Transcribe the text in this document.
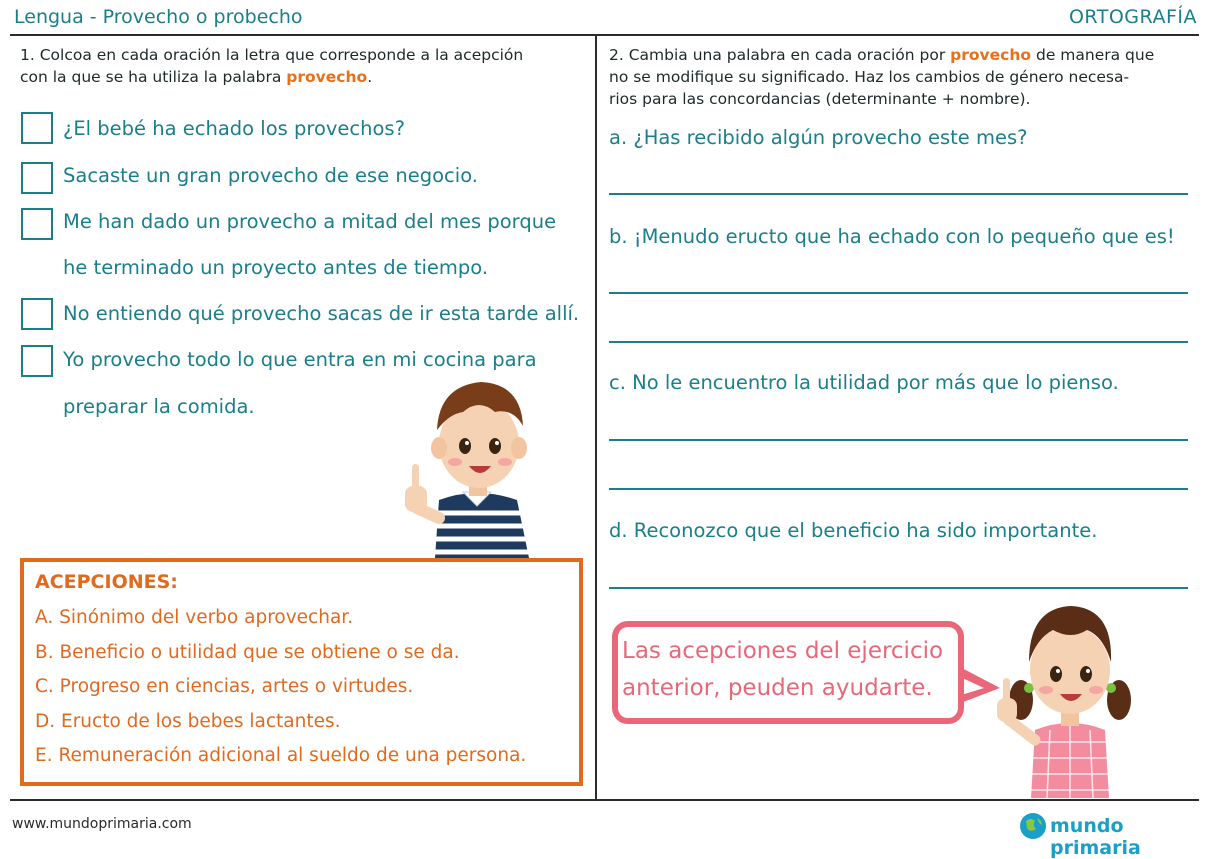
Lengua - Provecho o probecho	ORTOGRAFÍA
1. Colcoa en cada oración la letra que corresponde a la acepción
con la que se ha utiliza la palabra provecho.
¿El bebé ha echado los provechos?
Sacaste un gran provecho de ese negocio.
Me han dado un provecho a mitad del mes porque
he terminado un proyecto antes de tiempo.
No entiendo qué provecho sacas de ir esta tarde allí.
Yo provecho todo lo que entra en mi cocina para
preparar la comida.
ACEPCIONES:
A. Sinónimo del verbo aprovechar.
B. Beneficio o utilidad que se obtiene o se da.
C. Progreso en ciencias, artes o virtudes.
D. Eructo de los bebes lactantes.
E. Remuneración adicional al sueldo de una persona.
2. Cambia una palabra en cada oración por provecho de manera que
no se modifique su significado. Haz los cambios de género necesa-
rios para las concordancias (determinante + nombre).
a. ¿Has recibido algún provecho este mes?
b. ¡Menudo eructo que ha echado con lo pequeño que es!
c. No le encuentro la utilidad por más que lo pienso.
d. Reconozco que el beneficio ha sido importante.
Las acepciones del ejercicio
anterior, peuden ayudarte.
www.mundoprimaria.com	mundo primaria
